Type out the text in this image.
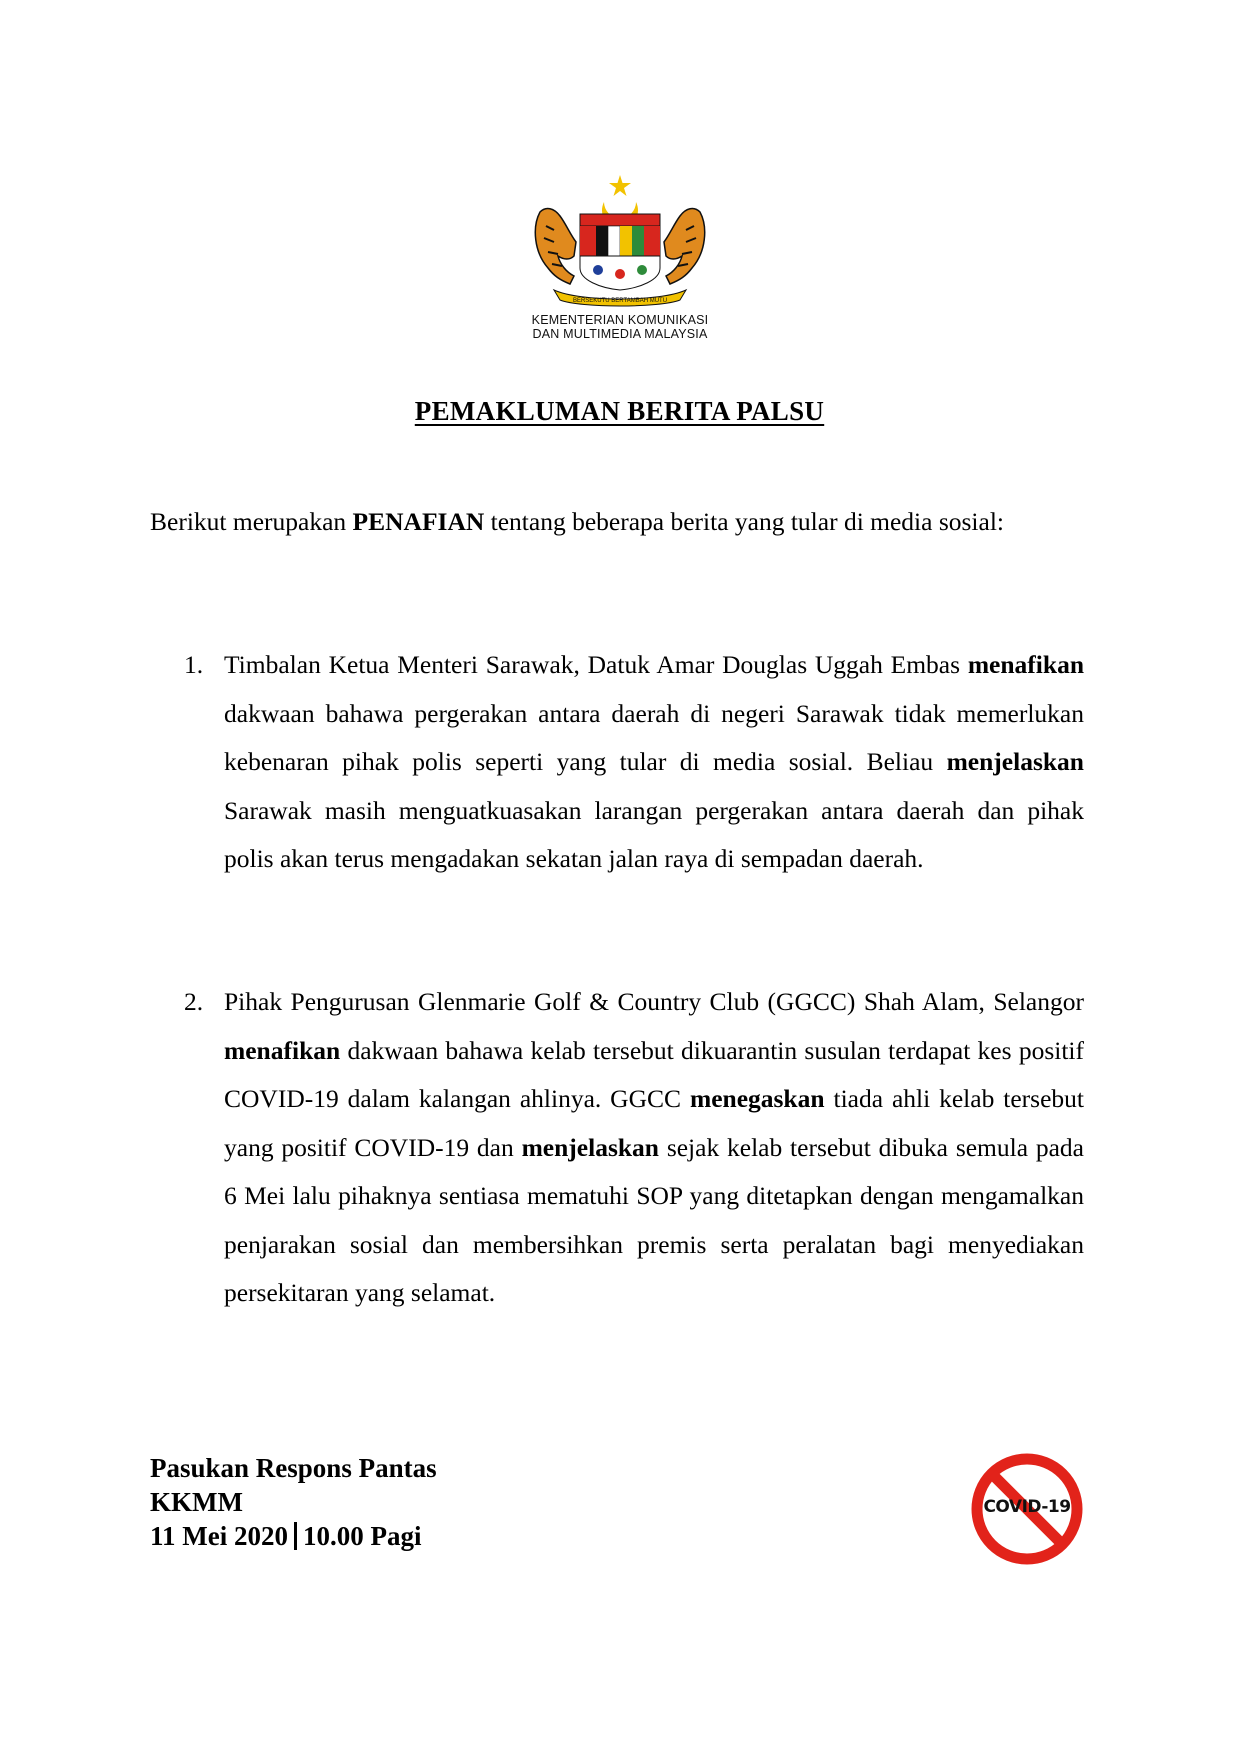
BERSEKUTU BERTAMBAH MUTU
KEMENTERIAN KOMUNIKASI
DAN MULTIMEDIA MALAYSIA
PEMAKLUMAN BERITA PALSU
Berikut merupakan PENAFIAN tentang beberapa berita yang tular di media sosial:
1. Timbalan Ketua Menteri Sarawak, Datuk Amar Douglas Uggah Embas menafikan dakwaan bahawa pergerakan antara daerah di negeri Sarawak tidak memerlukan kebenaran pihak polis seperti yang tular di media sosial. Beliau menjelaskan Sarawak masih menguatkuasakan larangan pergerakan antara daerah dan pihak polis akan terus mengadakan sekatan jalan raya di sempadan daerah.
2. Pihak Pengurusan Glenmarie Golf & Country Club (GGCC) Shah Alam, Selangor menafikan dakwaan bahawa kelab tersebut dikuarantin susulan terdapat kes positif COVID-19 dalam kalangan ahlinya. GGCC menegaskan tiada ahli kelab tersebut yang positif COVID-19 dan menjelaskan sejak kelab tersebut dibuka semula pada 6 Mei lalu pihaknya sentiasa mematuhi SOP yang ditetapkan dengan mengamalkan penjarakan sosial dan membersihkan premis serta peralatan bagi menyediakan persekitaran yang selamat.
Pasukan Respons Pantas
KKMM
11 Mei 2020 10.00 Pagi
COVID-19
